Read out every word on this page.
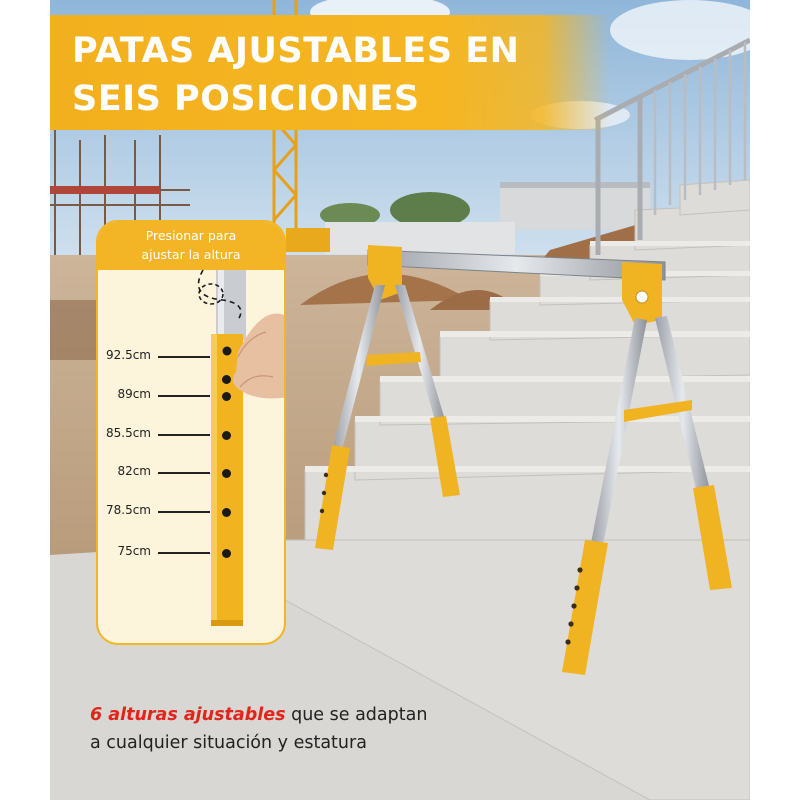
PATAS AJUSTABLES EN
SEIS POSICIONES
Presionar para
ajustar la altura
92.5cm
89cm
85.5cm
82cm
78.5cm
75cm
6 alturas ajustables que se adaptan
a cualquier situación y estatura
